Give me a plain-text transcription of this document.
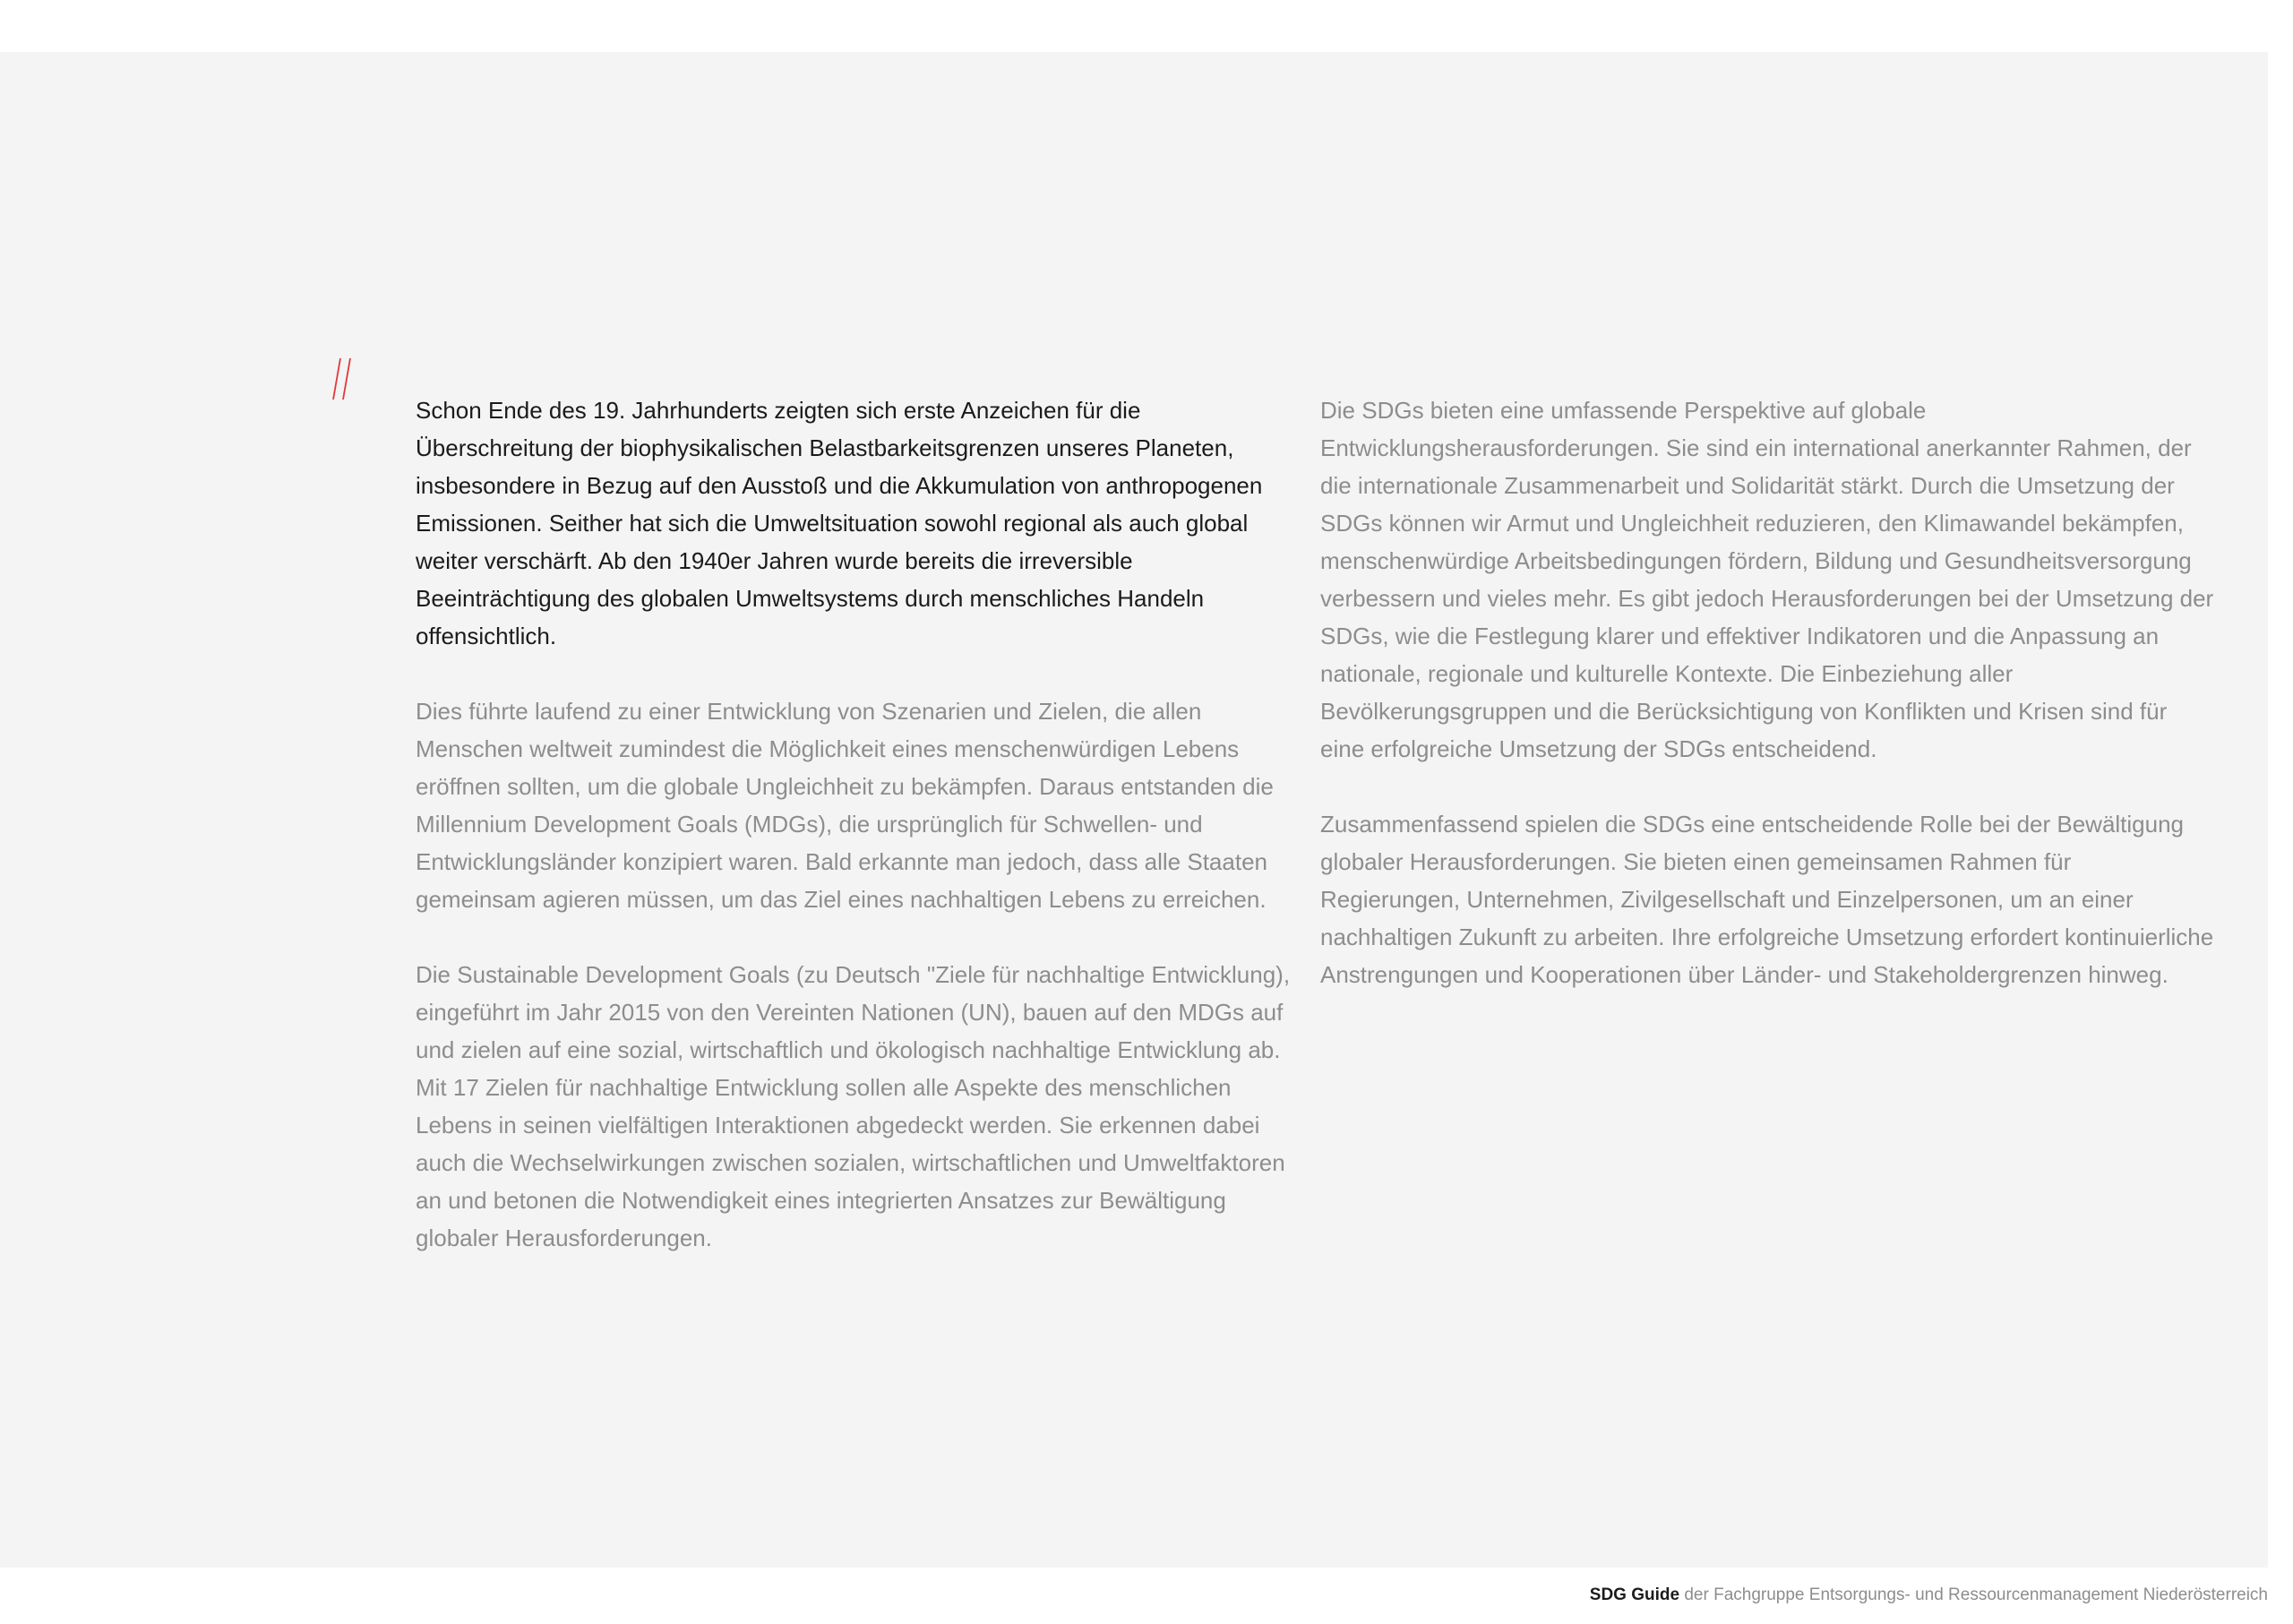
Schon Ende des 19. Jahrhunderts zeigten sich erste Anzeichen für die Überschreitung der biophysikalischen Belastbarkeitsgrenzen unseres Planeten, insbesondere in Bezug auf den Ausstoß und die Akkumulation von anthropogenen Emissionen. Seither hat sich die Umweltsituation sowohl regional als auch global weiter verschärft. Ab den 1940er Jahren wurde bereits die irreversible Beeinträchtigung des globalen Umweltsystems durch menschliches Handeln offensichtlich.

Dies führte laufend zu einer Entwicklung von Szenarien und Zielen, die allen Menschen weltweit zumindest die Möglichkeit eines menschenwürdigen Lebens eröffnen sollten, um die globale Ungleichheit zu bekämpfen. Daraus entstanden die Millennium Development Goals (MDGs), die ursprünglich für Schwellen- und Entwicklungsländer konzipiert waren. Bald erkannte man jedoch, dass alle Staaten gemeinsam agieren müssen, um das Ziel eines nachhaltigen Lebens zu erreichen.

Die Sustainable Development Goals (zu Deutsch "Ziele für nachhaltige Entwicklung), eingeführt im Jahr 2015 von den Vereinten Nationen (UN), bauen auf den MDGs auf und zielen auf eine sozial, wirtschaftlich und ökologisch nachhaltige Entwicklung ab. Mit 17 Zielen für nachhaltige Entwicklung sollen alle Aspekte des menschlichen Lebens in seinen vielfältigen Interaktionen abgedeckt werden. Sie erkennen dabei auch die Wechselwirkungen zwischen sozialen, wirtschaftlichen und Umweltfaktoren an und betonen die Notwendigkeit eines integrierten Ansatzes zur Bewältigung globaler Herausforderungen.

Die SDGs bieten eine umfassende Perspektive auf globale Entwicklungsherausforderungen. Sie sind ein international anerkannter Rahmen, der die internationale Zusammenarbeit und Solidarität stärkt. Durch die Umsetzung der SDGs können wir Armut und Ungleichheit reduzieren, den Klimawandel bekämpfen, menschenwürdige Arbeitsbedingungen fördern, Bildung und Gesundheitsversorgung verbessern und vieles mehr. Es gibt jedoch Herausforderungen bei der Umsetzung der SDGs, wie die Festlegung klarer und effektiver Indikatoren und die Anpassung an nationale, regionale und kulturelle Kontexte. Die Einbeziehung aller Bevölkerungsgruppen und die Berücksichtigung von Konflikten und Krisen sind für eine erfolgreiche Umsetzung der SDGs entscheidend.

Zusammenfassend spielen die SDGs eine entscheidende Rolle bei der Bewältigung globaler Herausforderungen. Sie bieten einen gemeinsamen Rahmen für Regierungen, Unternehmen, Zivilgesellschaft und Einzelpersonen, um an einer nachhaltigen Zukunft zu arbeiten. Ihre erfolgreiche Umsetzung erfordert kontinuierliche Anstrengungen und Kooperationen über Länder- und Stakeholdergrenzen hinweg.

SDG Guide der Fachgruppe Entsorgungs- und Ressourcenmanagement Niederösterreich
